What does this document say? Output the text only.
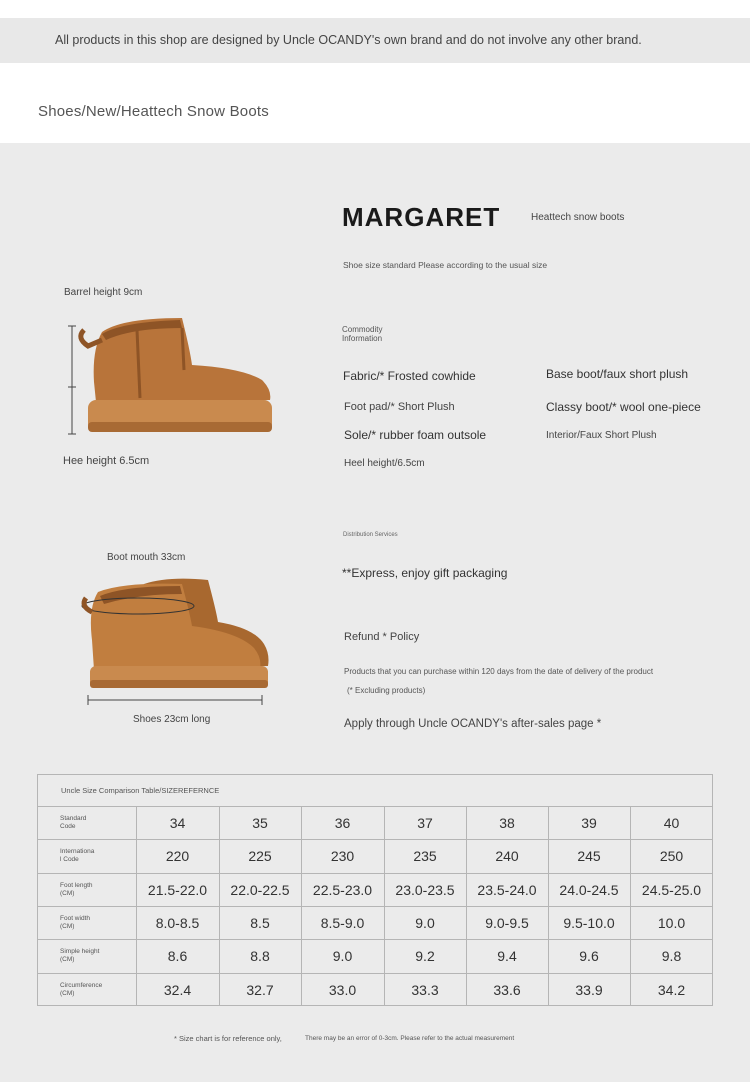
All products in this shop are designed by Uncle OCANDY's own brand and do not involve any other brand.
Shoes/New/Heattech Snow Boots
Barrel height 9cm
Hee height 6.5cm
Boot mouth 33cm
Shoes 23cm long
MARGARET	Heattech snow boots
Shoe size standard Please according to the usual size
Commodity Information
Fabric/* Frosted cowhide	Base boot/faux short plush
Foot pad/* Short Plush	Classy boot/* wool one-piece
Sole/* rubber foam outsole	Interior/Faux Short Plush
Heel height/6.5cm
Distribution Services
**Express, enjoy gift packaging
Refund * Policy
Products that you can purchase within 120 days from the date of delivery of the product
(* Excluding products)
Apply through Uncle OCANDY's after-sales page *
Uncle Size Comparison Table/SIZEREFERNCE
Standard
Code	34	35	36	37	38	39	40
Internationa
l Code	220	225	230	235	240	245	250
Foot length
(CM)	21.5-22.0	22.0-22.5	22.5-23.0	23.0-23.5	23.5-24.0	24.0-24.5	24.5-25.0
Foot width
(CM)	8.0-8.5	8.5	8.5-9.0	9.0	9.0-9.5	9.5-10.0	10.0
Simple height
(CM)	8.6	8.8	9.0	9.2	9.4	9.6	9.8
Circumference
(CM)	32.4	32.7	33.0	33.3	33.6	33.9	34.2
* Size chart is for reference only,	There may be an error of 0-3cm. Please refer to the actual measurement
